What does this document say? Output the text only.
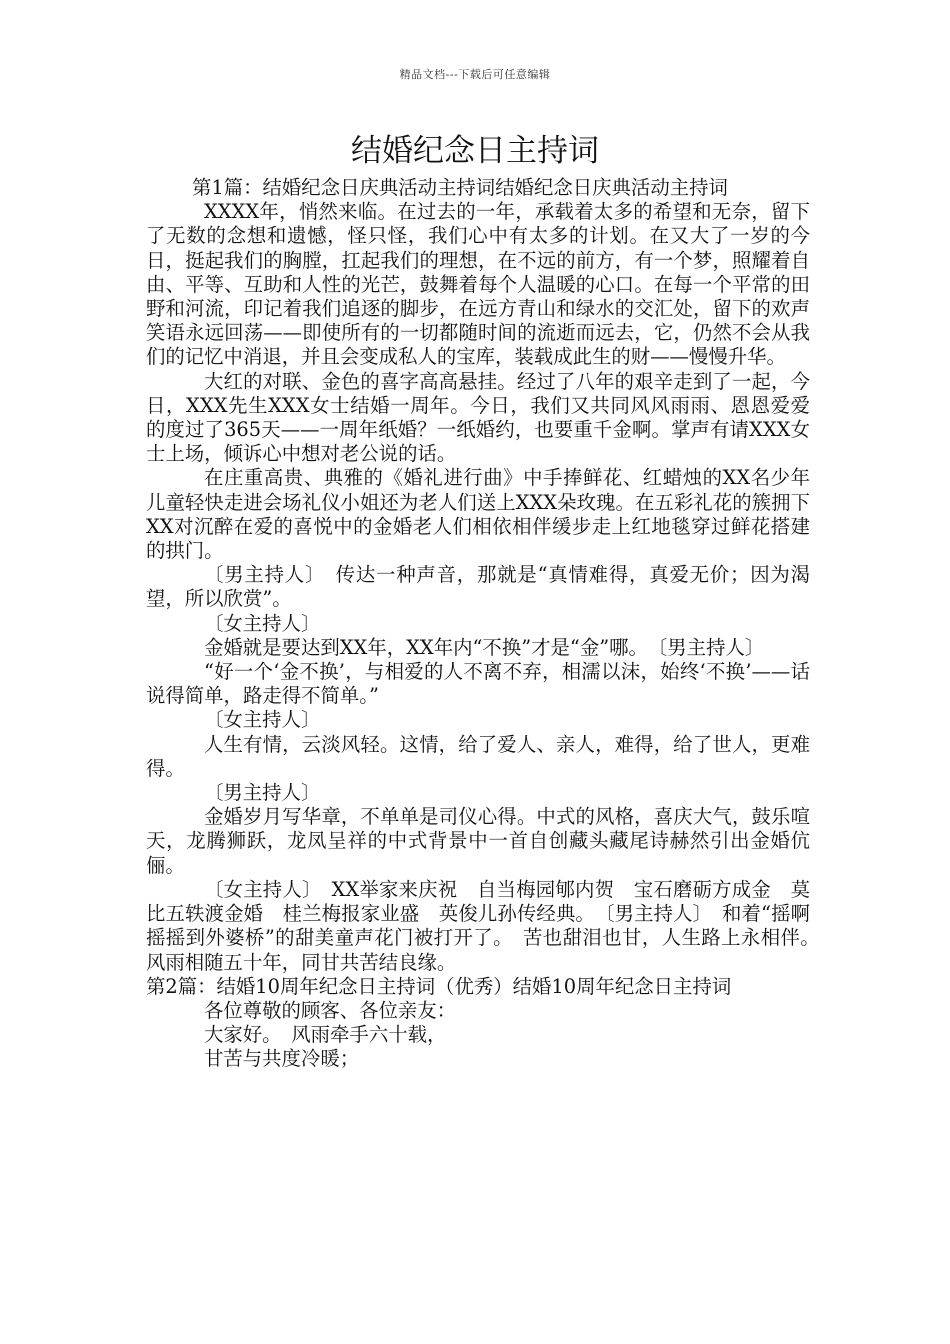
精品文档---下载后可任意编辑
结婚纪念日主持词

第1篇：结婚纪念日庆典活动主持词结婚纪念日庆典活动主持词

XXXX年，悄然来临。在过去的一年，承载着太多的希望和无奈，留下了无数的念想和遗憾，怪只怪，我们心中有太多的计划。在又大了一岁的今日，挺起我们的胸膛，扛起我们的理想，在不远的前方，有一个梦，照耀着自由、平等、互助和人性的光芒，鼓舞着每个人温暖的心口。在每一个平常的田野和河流，印记着我们追逐的脚步，在远方青山和绿水的交汇处，留下的欢声笑语永远回荡——即使所有的一切都随时间的流逝而远去，它，仍然不会从我们的记忆中消退，并且会变成私人的宝库，装载成此生的财——慢慢升华。

大红的对联、金色的喜字高高悬挂。经过了八年的艰辛走到了一起，今日，XXX先生XXX女士结婚一周年。今日，我们又共同风风雨雨、恩恩爱爱的度过了365天——一周年纸婚？一纸婚约，也要重千金啊。掌声有请XXX女士上场，倾诉心中想对老公说的话。

在庄重高贵、典雅的《婚礼进行曲》中手捧鲜花、红蜡烛的XX名少年儿童轻快走进会场礼仪小姐还为老人们送上XXX朵玫瑰。在五彩礼花的簇拥下XX对沉醉在爱的喜悦中的金婚老人们相依相伴缓步走上红地毯穿过鲜花搭建的拱门。

〔男主持人〕　传达一种声音，那就是“真情难得，真爱无价；因为渴望，所以欣赏”。

〔女主持人〕

金婚就是要达到XX年，XX年内“不换”才是“金”哪。　〔男主持人〕

“好一个‘金不换’，与相爱的人不离不弃，相濡以沫，始终‘不换’——话说得简单，路走得不简单。”

〔女主持人〕

人生有情，云淡风轻。这情，给了爱人、亲人，难得，给了世人，更难得。

〔男主持人〕

金婚岁月写华章，不单单是司仪心得。中式的风格，喜庆大气，鼓乐喧天，龙腾狮跃，龙凤呈祥的中式背景中一首自创藏头藏尾诗赫然引出金婚伉俪。

〔女主持人〕　XX举家来庆祝　自当梅园郇内贺　宝石磨砺方成金　莫比五轶渡金婚　桂兰梅报家业盛　英俊儿孙传经典。　〔男主持人〕　和着“摇啊摇摇到外婆桥”的甜美童声花门被打开了。　苦也甜泪也甘，人生路上永相伴。　风雨相随五十年，同甘共苦结良缘。

第2篇：结婚10周年纪念日主持词（优秀）结婚10周年纪念日主持词

各位尊敬的顾客、各位亲友：

大家好。　风雨牵手六十载，

甘苦与共度冷暖；
